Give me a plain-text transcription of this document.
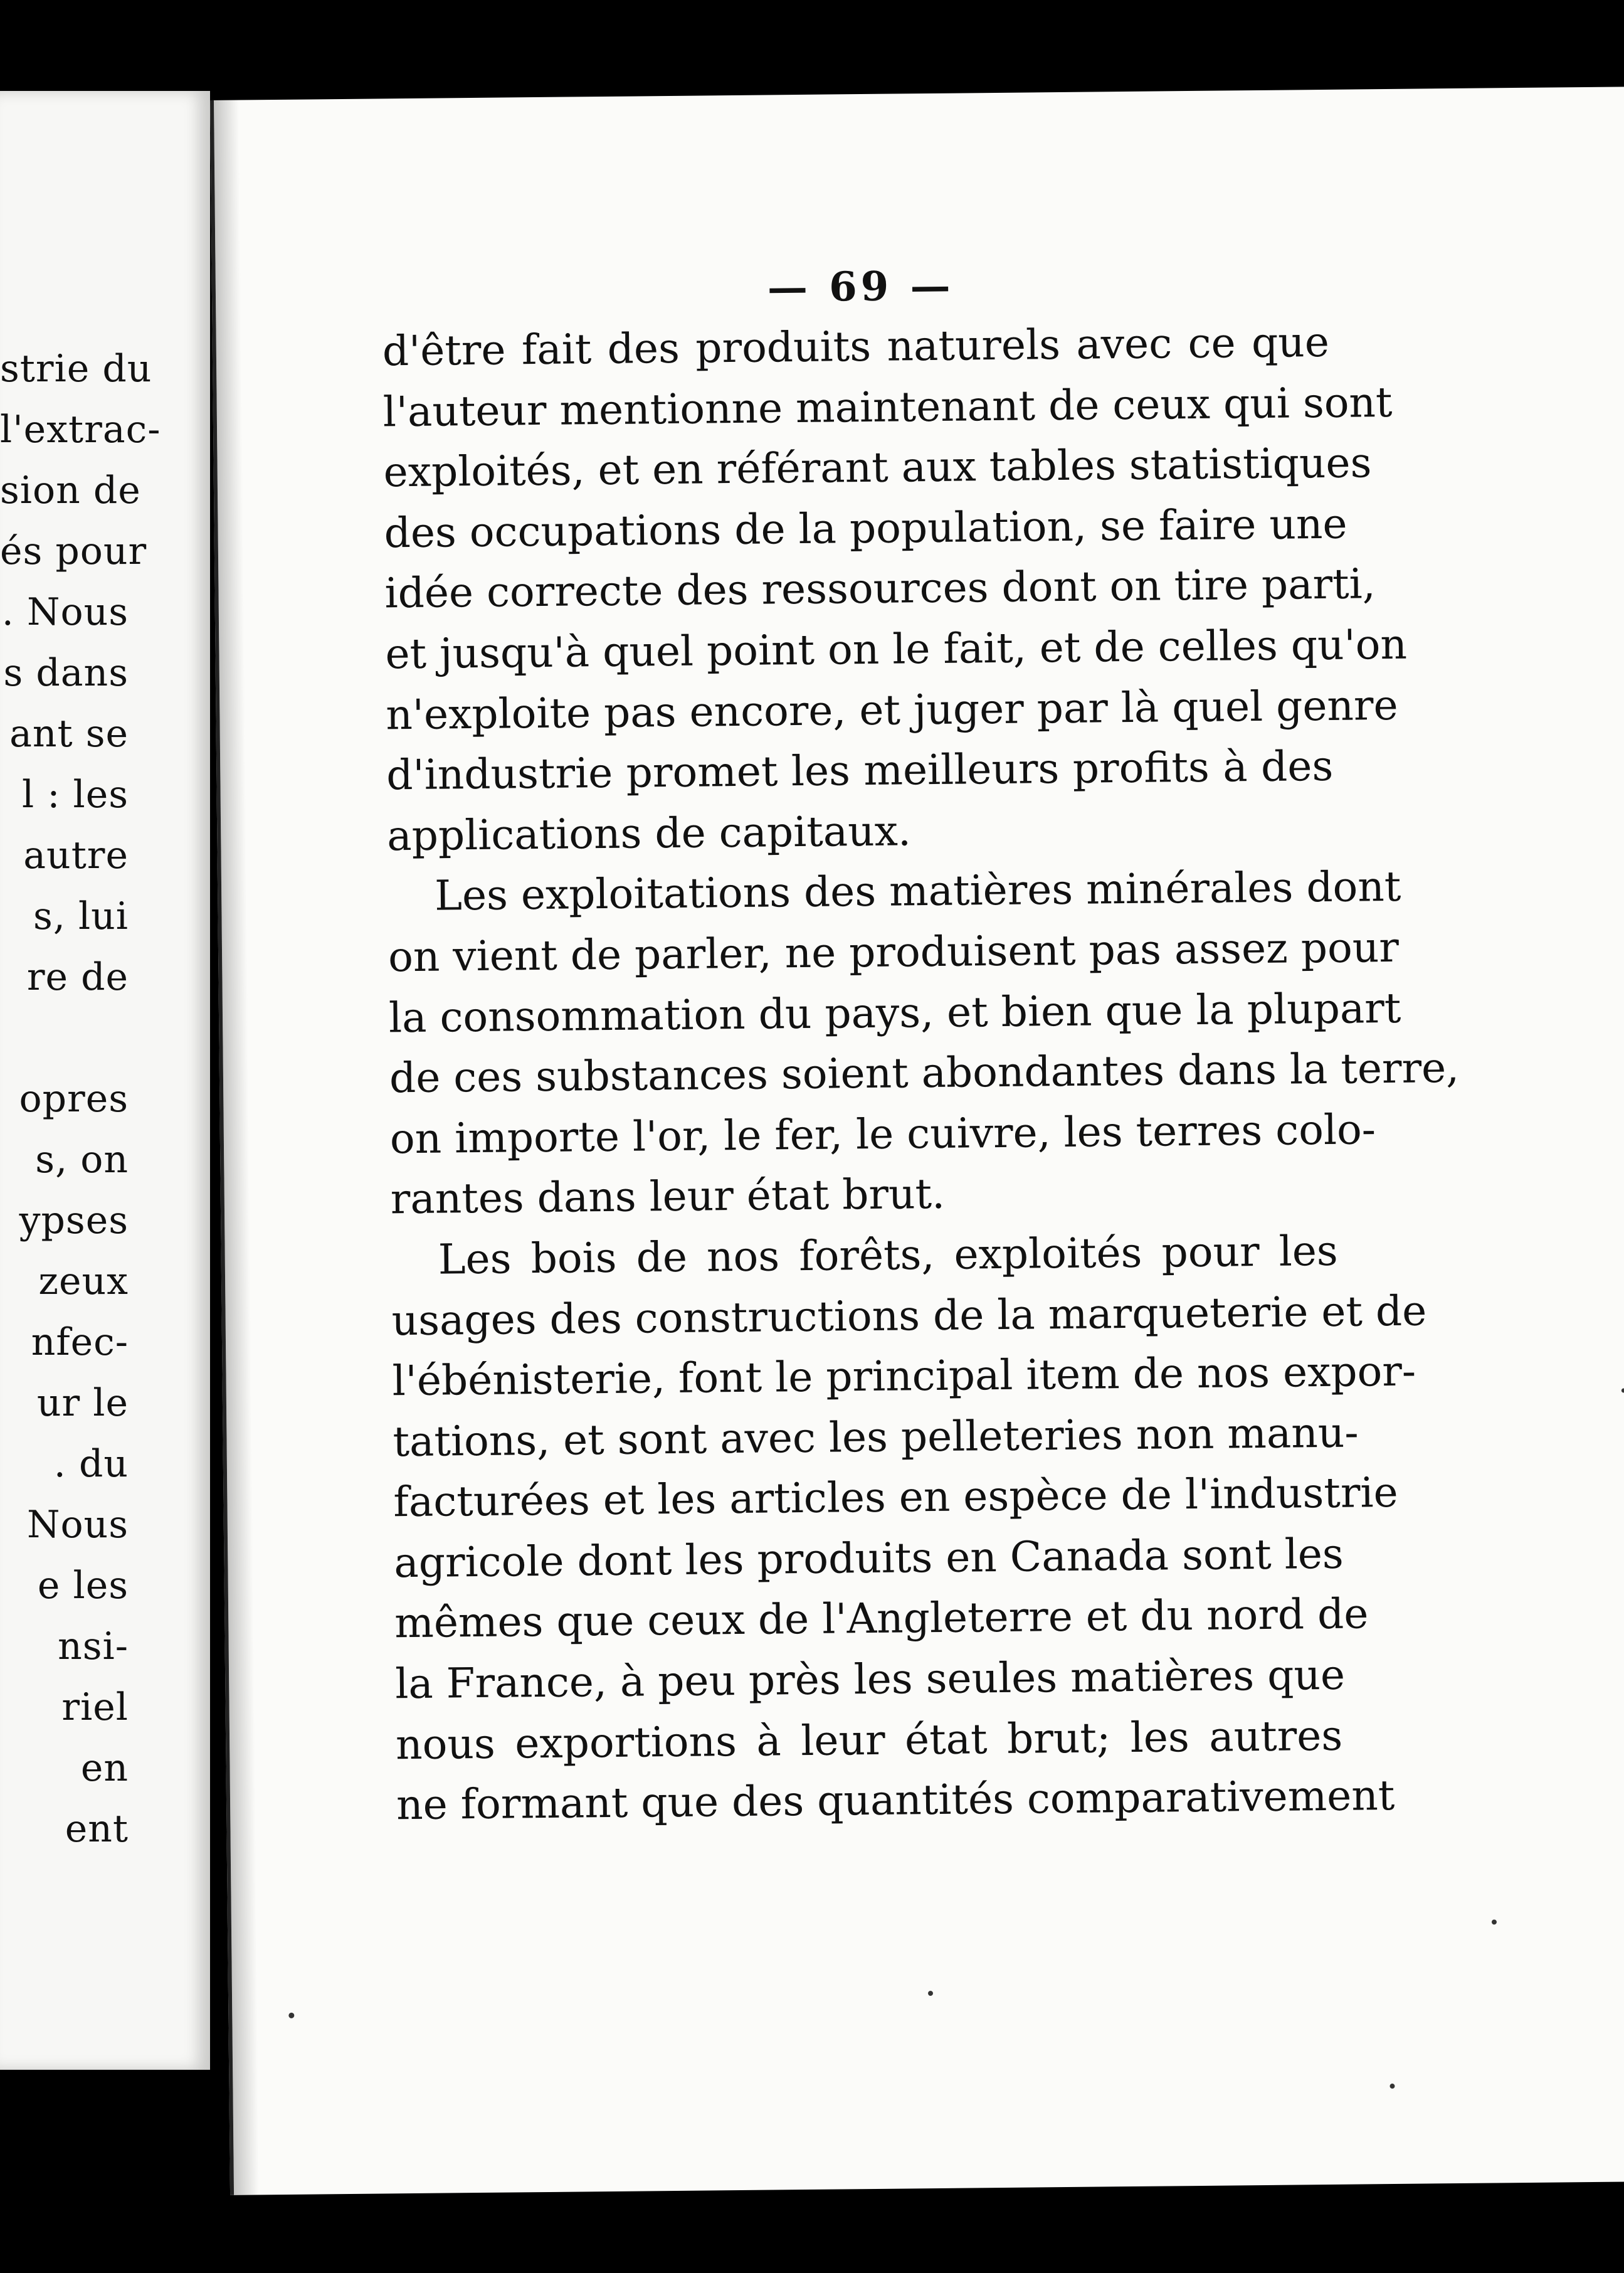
strie du
l'extrac-
sion de
és pour
. Nous
s dans
ant se
l : les
autre
s, lui
re de
opres
s, on
ypses
zeux
nfec-
ur le
. du
Nous
e les
nsi-
riel
en
ent
— 69 —
d'être fait des produits naturels avec ce que
l'auteur mentionne maintenant de ceux qui sont
exploités, et en référant aux tables statistiques
des occupations de la population, se faire une
idée correcte des ressources dont on tire parti,
et jusqu'à quel point on le fait, et de celles qu'on
n'exploite pas encore, et juger par là quel genre
d'industrie promet les meilleurs profits à des
applications de capitaux.
Les exploitations des matières minérales dont
on vient de parler, ne produisent pas assez pour
la consommation du pays, et bien que la plupart
de ces substances soient abondantes dans la terre,
on importe l'or, le fer, le cuivre, les terres colo-
rantes dans leur état brut.
Les bois de nos forêts, exploités pour les
usages des constructions de la marqueterie et de
l'ébénisterie, font le principal item de nos expor-
tations, et sont avec les pelleteries non manu-
facturées et les articles en espèce de l'industrie
agricole dont les produits en Canada sont les
mêmes que ceux de l'Angleterre et du nord de
la France, à peu près les seules matières que
nous exportions à leur état brut; les autres
ne formant que des quantités comparativement
